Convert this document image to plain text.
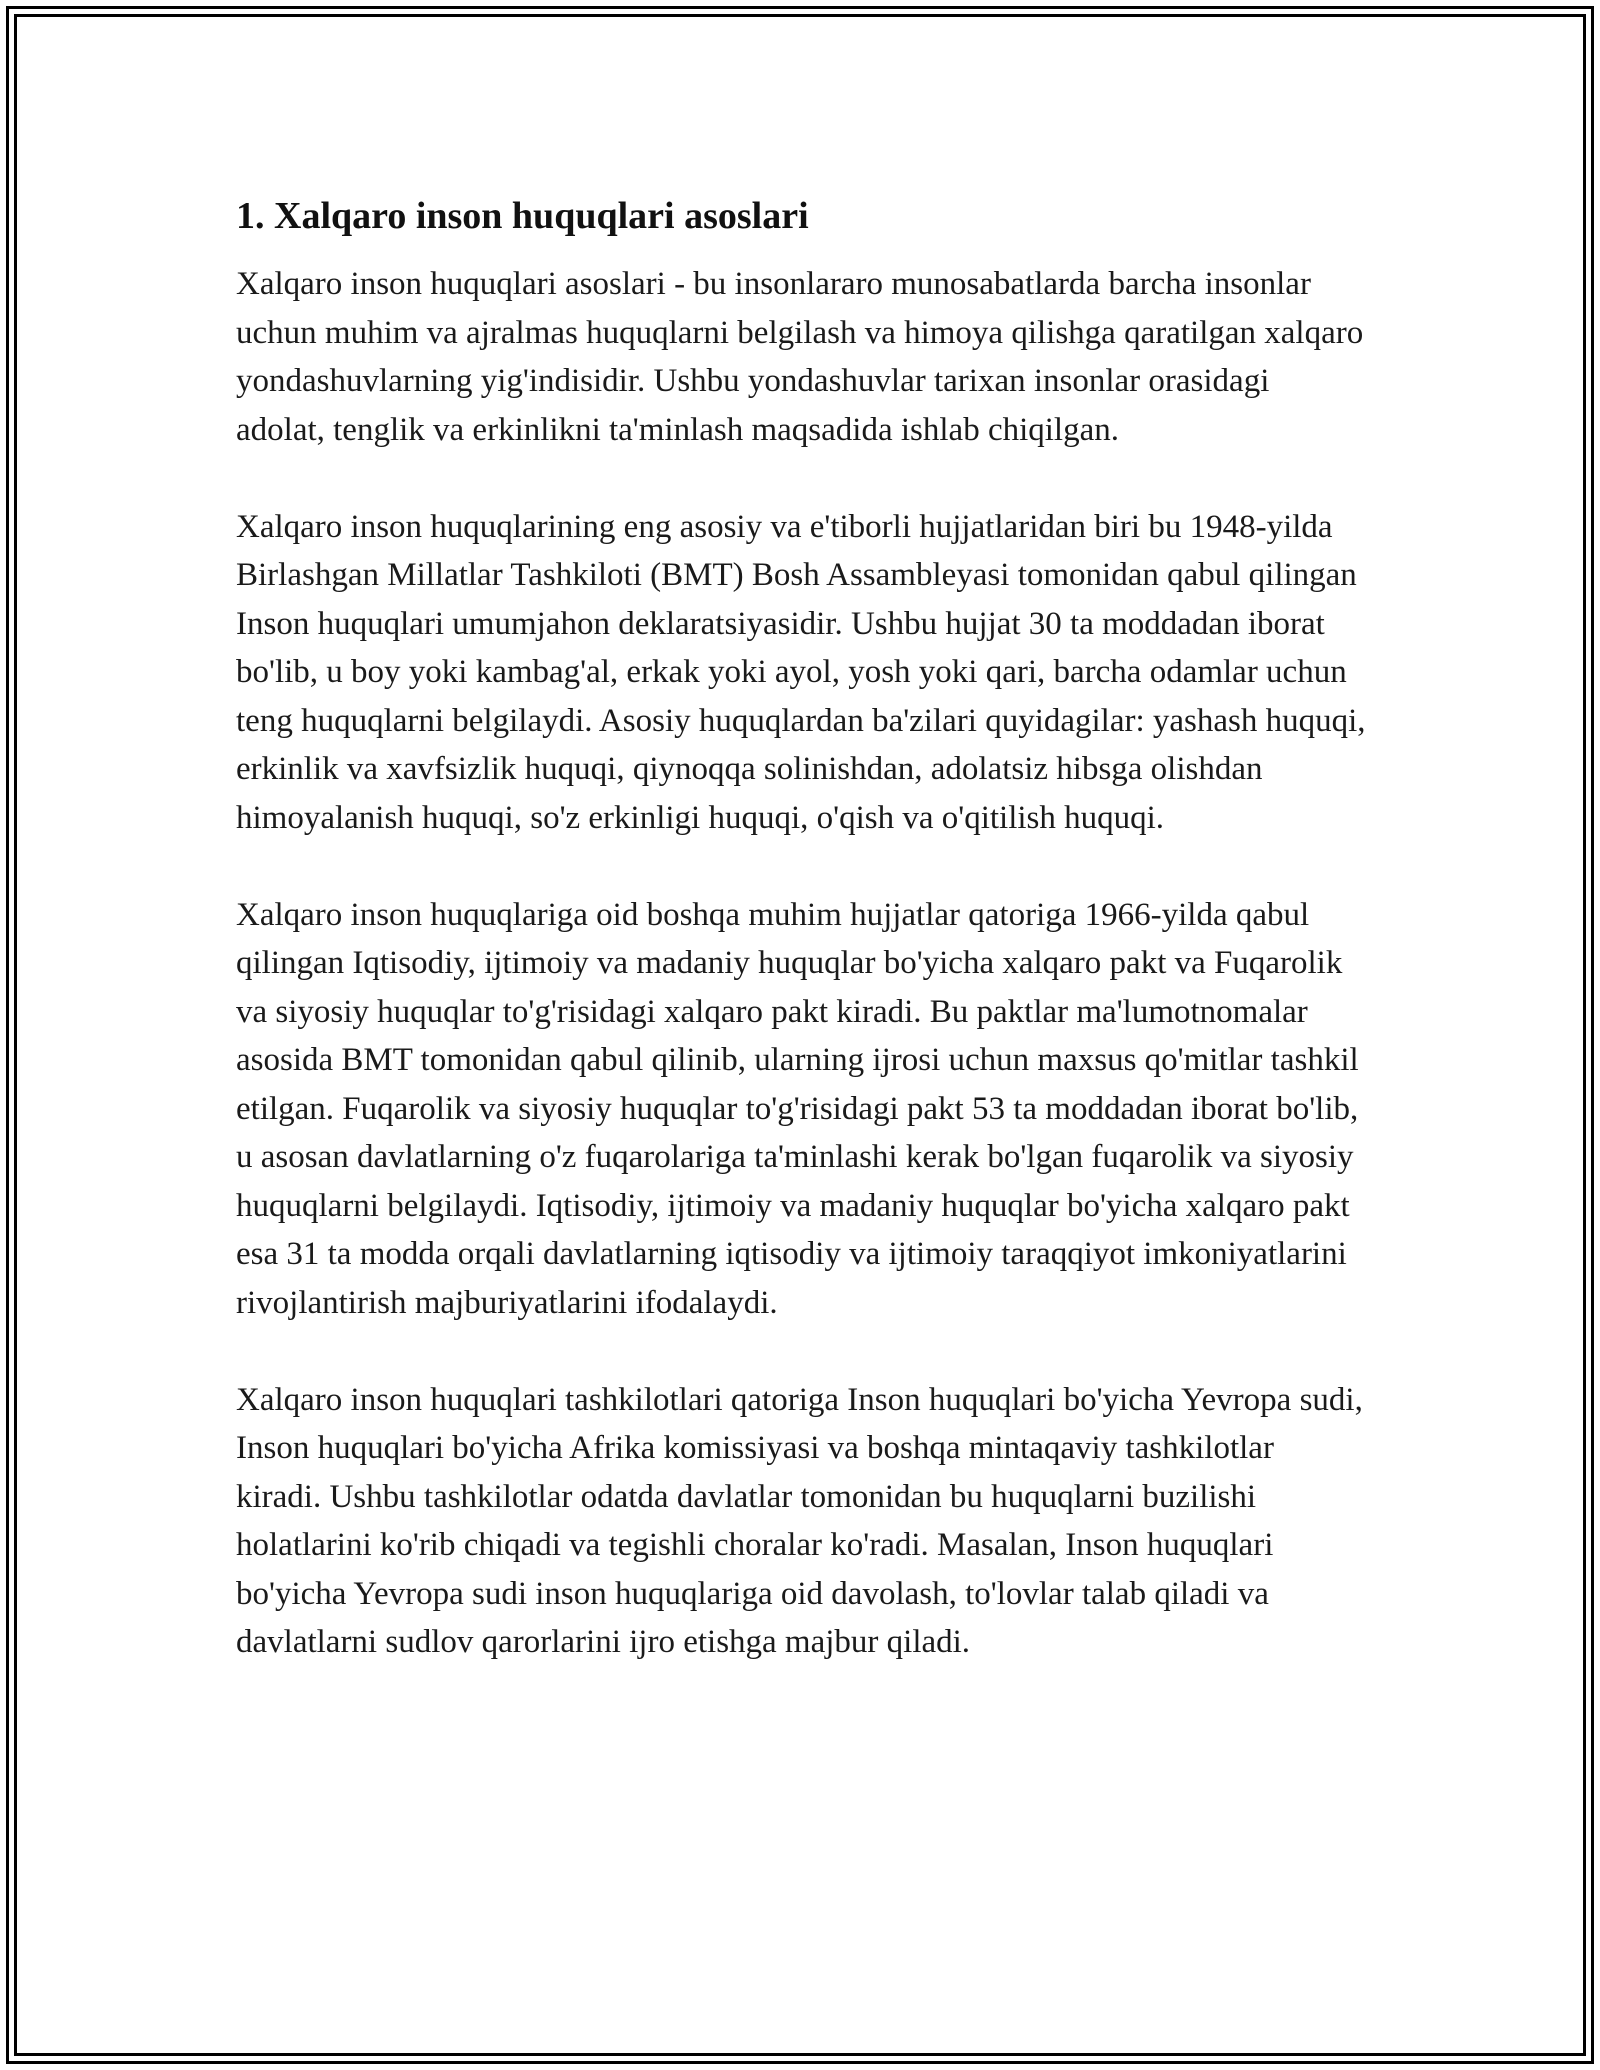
1. Xalqaro inson huquqlari asoslari

Xalqaro inson huquqlari asoslari - bu insonlararo munosabatlarda barcha insonlar uchun muhim va ajralmas huquqlarni belgilash va himoya qilishga qaratilgan xalqaro yondashuvlarning yig'indisidir. Ushbu yondashuvlar tarixan insonlar orasidagi adolat, tenglik va erkinlikni ta'minlash maqsadida ishlab chiqilgan.

Xalqaro inson huquqlarining eng asosiy va e'tiborli hujjatlaridan biri bu 1948-yilda Birlashgan Millatlar Tashkiloti (BMT) Bosh Assambleyasi tomonidan qabul qilingan Inson huquqlari umumjahon deklaratsiyasidir. Ushbu hujjat 30 ta moddadan iborat bo'lib, u boy yoki kambag'al, erkak yoki ayol, yosh yoki qari, barcha odamlar uchun teng huquqlarni belgilaydi. Asosiy huquqlardan ba'zilari quyidagilar: yashash huquqi, erkinlik va xavfsizlik huquqi, qiynoqqa solinishdan, adolatsiz hibsga olishdan himoyalanish huquqi, so'z erkinligi huquqi, o'qish va o'qitilish huquqi.

Xalqaro inson huquqlariga oid boshqa muhim hujjatlar qatoriga 1966-yilda qabul qilingan Iqtisodiy, ijtimoiy va madaniy huquqlar bo'yicha xalqaro pakt va Fuqarolik va siyosiy huquqlar to'g'risidagi xalqaro pakt kiradi. Bu paktlar ma'lumotnomalar asosida BMT tomonidan qabul qilinib, ularning ijrosi uchun maxsus qo'mitlar tashkil etilgan. Fuqarolik va siyosiy huquqlar to'g'risidagi pakt 53 ta moddadan iborat bo'lib, u asosan davlatlarning o'z fuqarolariga ta'minlashi kerak bo'lgan fuqarolik va siyosiy huquqlarni belgilaydi. Iqtisodiy, ijtimoiy va madaniy huquqlar bo'yicha xalqaro pakt esa 31 ta modda orqali davlatlarning iqtisodiy va ijtimoiy taraqqiyot imkoniyatlarini rivojlantirish majburiyatlarini ifodalaydi.

Xalqaro inson huquqlari tashkilotlari qatoriga Inson huquqlari bo'yicha Yevropa sudi, Inson huquqlari bo'yicha Afrika komissiyasi va boshqa mintaqaviy tashkilotlar kiradi. Ushbu tashkilotlar odatda davlatlar tomonidan bu huquqlarni buzilishi holatlarini ko'rib chiqadi va tegishli choralar ko'radi. Masalan, Inson huquqlari bo'yicha Yevropa sudi inson huquqlariga oid davolash, to'lovlar talab qiladi va davlatlarni sudlov qarorlarini ijro etishga majbur qiladi.
